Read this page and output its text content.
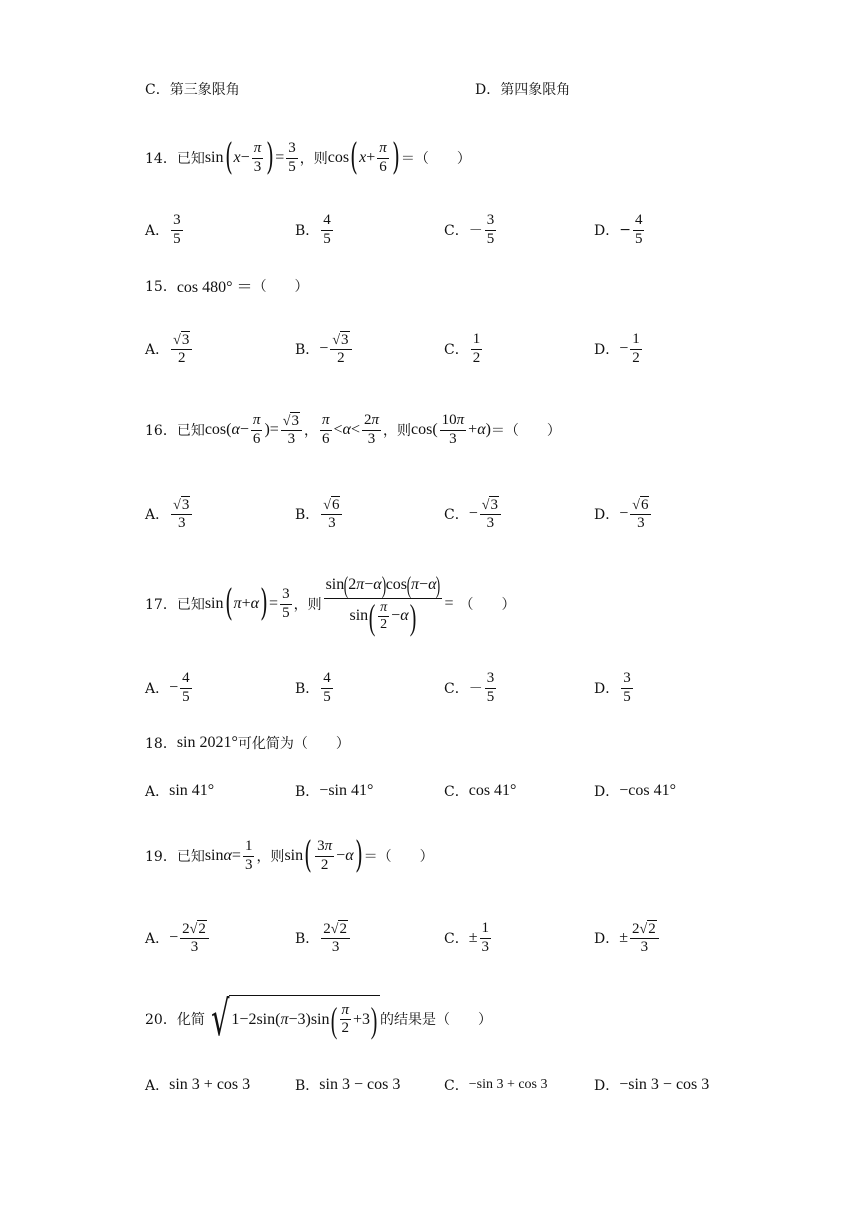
C．第三象限角	D．第四象限角
14． 已知 sin ( $x - \frac{\pi}{3}$ ) = $\frac{3}{5}$ ，则 cos ( $x + \frac{\pi}{6}$ ) ＝（　　）
A． $\frac{3}{5}$	B． $\frac{4}{5}$	C． － $\frac{3}{5}$	D． − $\frac{4}{5}$
15． cos 480° ＝ （　　）
A． $\frac{√ 3}{2}$	B． − $\frac{√ 3}{2}$	C． $\frac{1}{2}$	D． − $\frac{1}{2}$
16． 已知 cos( $\alpha - \frac{\pi}{6}$ )= $\frac{√ 3}{3}$ ， $\frac{\pi}{6} < \alpha < \frac{2\pi}{3}$ ，则 $\cos( \frac{10\pi}{3} + \alpha$ ) ＝（　　）
A． $\frac{√ 3}{3}$	B． $\frac{√ 6}{3}$	C． − $\frac{√ 3}{3}$	D． − $\frac{√ 6}{3}$
17． 已知 sin ( π + α ) = $\frac{3}{5}$ ，则 $\frac{\sin ( 2 \pi - \alpha ) \cos ( \pi - \alpha )}{\sin ( \frac{\pi}{2} - \alpha )}$ = （　　）
A． − $\frac{4}{5}$	B． $\frac{4}{5}$	C． － $\frac{3}{5}$	D． $\frac{3}{5}$
18． sin 2021° 可化简为（　　）
A． sin 41°	B． −sin 41°	C． cos 41°	D． −cos 41°
19． 已知 $\sin \alpha = \frac{1}{3}$ ，则 sin ( $\frac{3\pi}{2} - \alpha$ ) ＝（　　）
A． − $\frac{2 √ 2}{3}$	B． $\frac{2 √ 2}{3}$	C． ± $\frac{1}{3}$	D． ± $\frac{2 √ 2}{3}$
20． 化简 √ 1−2sin( π −3)sin ( $\frac{\pi}{2} +3$ ) 的结果是（　　）
A． sin 3 + cos 3	B． sin 3 − cos 3	C． −sin 3 + cos 3	D． −sin 3 − cos 3
